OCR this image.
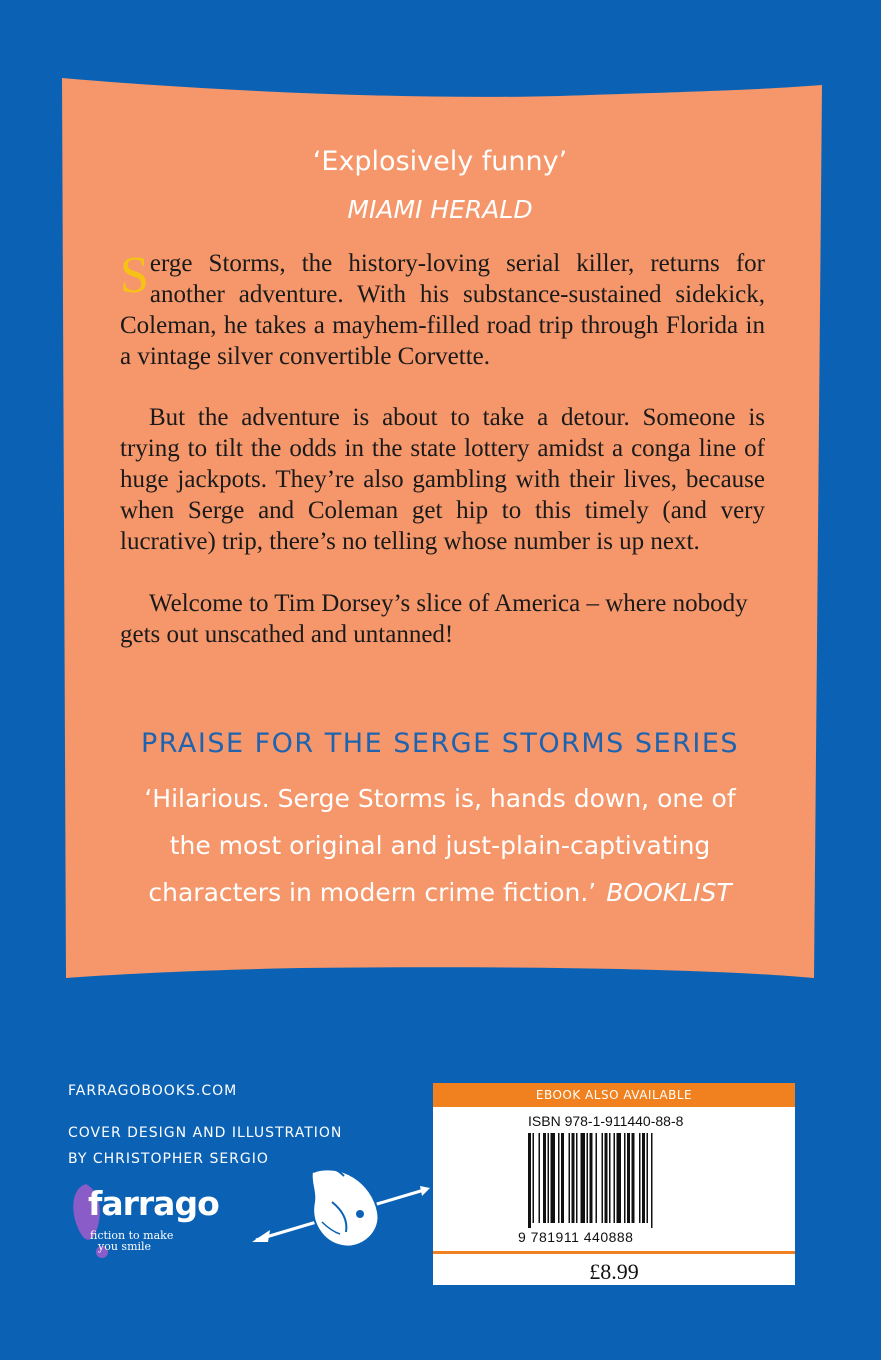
‘Explosively funny’
MIAMI HERALD

Serge Storms, the history-loving serial killer, returns for another adventure. With his substance-sustained sidekick, Coleman, he takes a mayhem-filled road trip through Florida in a vintage silver convertible Corvette.

But the adventure is about to take a detour. Someone is trying to tilt the odds in the state lottery amidst a conga line of huge jackpots. They’re also gambling with their lives, because when Serge and Coleman get hip to this timely (and very lucrative) trip, there’s no telling whose number is up next.

Welcome to Tim Dorsey’s slice of America – where nobody gets out unscathed and untanned!

PRAISE FOR THE SERGE STORMS SERIES
‘Hilarious. Serge Storms is, hands down, one of the most original and just-plain-captivating characters in modern crime fiction.’ BOOKLIST
FARRAGOBOOKS.COM
COVER DESIGN AND ILLUSTRATION
BY CHRISTOPHER SERGIO
farrago
fiction to make
you smile
EBOOK ALSO AVAILABLE
ISBN 978-1-911440-88-8
9 781911 440888
£8.99
